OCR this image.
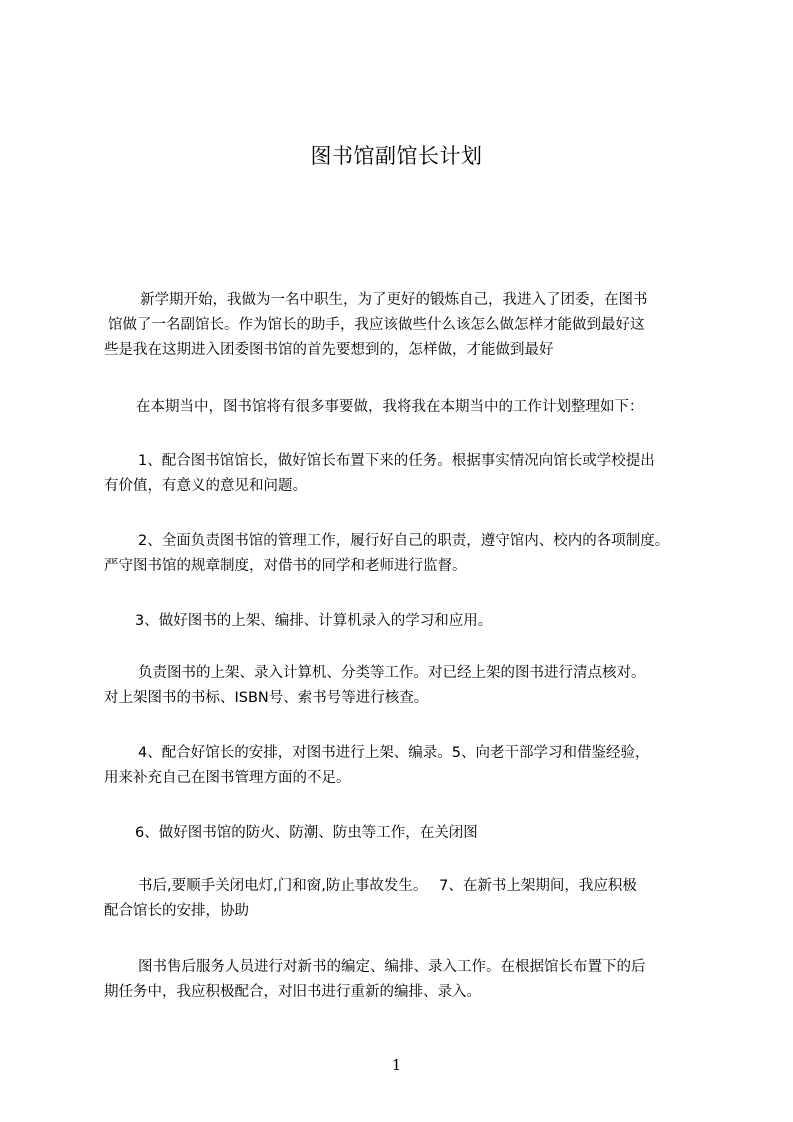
图书馆副馆长计划
新学期开始，我做为一名中职生，为了更好的锻炼自己，我进入了团委，在图书
馆做了一名副馆长。作为馆长的助手，我应该做些什么该怎么做怎样才能做到最好这
些是我在这期进入团委图书馆的首先要想到的，怎样做，才能做到最好
在本期当中，图书馆将有很多事要做，我将我在本期当中的工作计划整理如下：
1、配合图书馆馆长，做好馆长布置下来的任务。根据事实情况向馆长或学校提出
有价值，有意义的意见和问题。
2、全面负责图书馆的管理工作，履行好自己的职责，遵守馆内、校内的各项制度。
严守图书馆的规章制度，对借书的同学和老师进行监督。
3、做好图书的上架、编排、计算机录入的学习和应用。
负责图书的上架、录入计算机、分类等工作。对已经上架的图书进行清点核对。
对上架图书的书标、ISBN号、索书号等进行核查。
4、配合好馆长的安排，对图书进行上架、编录。5、向老干部学习和借鉴经验，
用来补充自己在图书管理方面的不足。
6、做好图书馆的防火、防潮、防虫等工作，在关闭图
书后,要顺手关闭电灯,门和窗,防止事故发生。　 7、在新书上架期间，我应积极
配合馆长的安排，协助
图书售后服务人员进行对新书的编定、编排、录入工作。在根据馆长布置下的后
期任务中，我应积极配合，对旧书进行重新的编排、录入。
1
